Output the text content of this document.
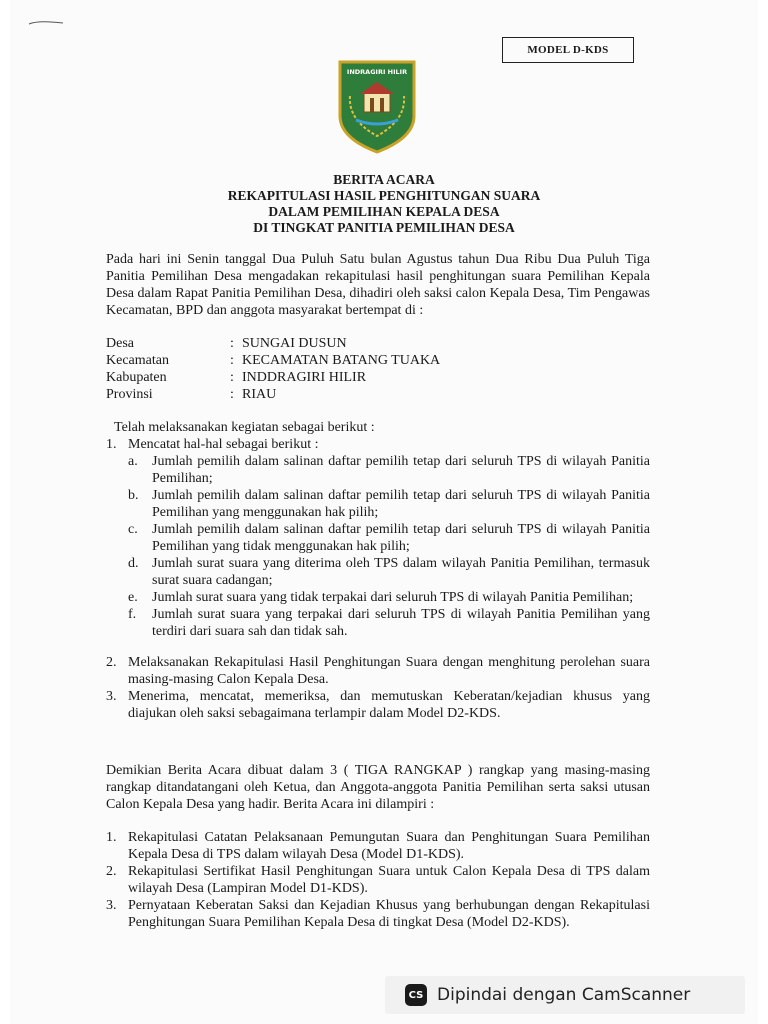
MODEL D-KDS
INDRAGIRI HILIR
BERITA ACARA
REKAPITULASI HASIL PENGHITUNGAN SUARA
DALAM PEMILIHAN KEPALA DESA
DI TINGKAT PANITIA PEMILIHAN DESA
Pada hari ini Senin tanggal Dua Puluh Satu bulan Agustus tahun Dua Ribu Dua Puluh Tiga Panitia Pemilihan Desa mengadakan rekapitulasi hasil penghitungan suara Pemilihan Kepala Desa dalam Rapat Panitia Pemilihan Desa, dihadiri oleh saksi calon Kepala Desa, Tim Pengawas Kecamatan, BPD dan anggota masyarakat bertempat di :
Desa	: SUNGAI DUSUN
Kecamatan	: KECAMATAN BATANG TUAKA
Kabupaten	: INDDRAGIRI HILIR
Provinsi	: RIAU
Telah melaksanakan kegiatan sebagai berikut :
1. Mencatat hal-hal sebagai berikut :
a.	Jumlah pemilih dalam salinan daftar pemilih tetap dari seluruh TPS di wilayah Panitia Pemilihan;
b. Jumlah pemilih dalam salinan daftar pemilih tetap dari seluruh TPS di wilayah Panitia Pemilihan yang menggunakan hak pilih;
c.	Jumlah pemilih dalam salinan daftar pemilih tetap dari seluruh TPS di wilayah Panitia Pemilihan yang tidak menggunakan hak pilih;
d. Jumlah surat suara yang diterima oleh TPS dalam wilayah Panitia Pemilihan, termasuk surat suara cadangan;
e.	Jumlah surat suara yang tidak terpakai dari seluruh TPS di wilayah Panitia Pemilihan;
f.	Jumlah surat suara yang terpakai dari seluruh TPS di wilayah Panitia Pemilihan yang terdiri dari suara sah dan tidak sah.
2. Melaksanakan Rekapitulasi Hasil Penghitungan Suara dengan menghitung perolehan suara masing-masing Calon Kepala Desa.
3. Menerima, mencatat, memeriksa, dan memutuskan Keberatan/kejadian khusus yang diajukan oleh saksi sebagaimana terlampir dalam Model D2-KDS.
Demikian Berita Acara dibuat dalam 3 ( TIGA RANGKAP ) rangkap yang masing-masing rangkap ditandatangani oleh Ketua, dan Anggota-anggota Panitia Pemilihan serta saksi utusan Calon Kepala Desa yang hadir. Berita Acara ini dilampiri :
1. Rekapitulasi Catatan Pelaksanaan Pemungutan Suara dan Penghitungan Suara Pemilihan Kepala Desa di TPS dalam wilayah Desa (Model D1-KDS).
2. Rekapitulasi Sertifikat Hasil Penghitungan Suara untuk Calon Kepala Desa di TPS dalam wilayah Desa (Lampiran Model D1-KDS).
3. Pernyataan Keberatan Saksi dan Kejadian Khusus yang berhubungan dengan Rekapitulasi Penghitungan Suara Pemilihan Kepala Desa di tingkat Desa (Model D2-KDS).
CS Dipindai dengan CamScanner
